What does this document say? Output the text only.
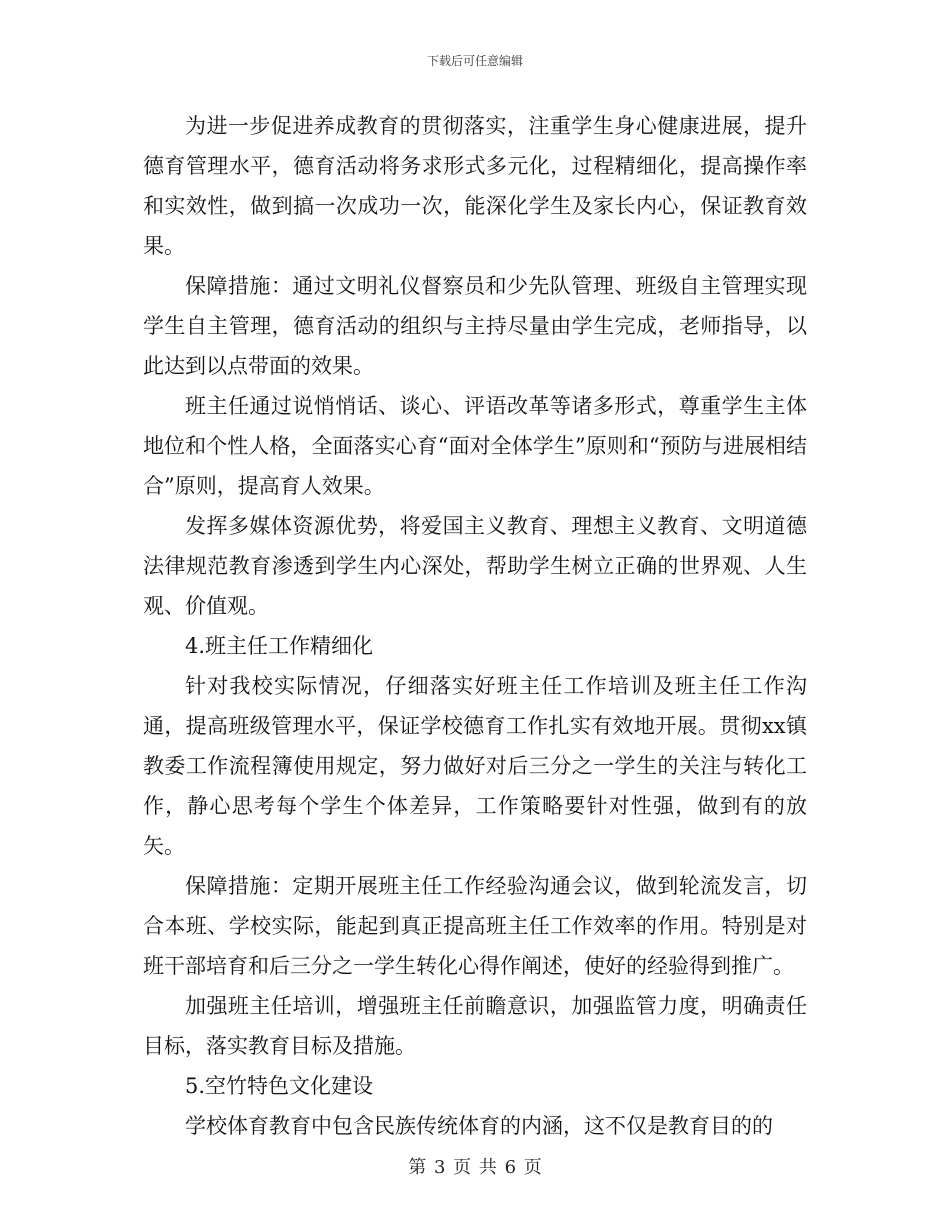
下载后可任意编辑

为进一步促进养成教育的贯彻落实，注重学生身心健康进展，提升德育管理水平，德育活动将务求形式多元化，过程精细化，提高操作率和实效性，做到搞一次成功一次，能深化学生及家长内心，保证教育效果。

保障措施：通过文明礼仪督察员和少先队管理、班级自主管理实现学生自主管理，德育活动的组织与主持尽量由学生完成，老师指导，以此达到以点带面的效果。

班主任通过说悄悄话、谈心、评语改革等诸多形式，尊重学生主体地位和个性人格，全面落实心育“面对全体学生”原则和“预防与进展相结合”原则，提高育人效果。

发挥多媒体资源优势，将爱国主义教育、理想主义教育、文明道德法律规范教育渗透到学生内心深处，帮助学生树立正确的世界观、人生观、价值观。

4.班主任工作精细化

针对我校实际情况，仔细落实好班主任工作培训及班主任工作沟通，提高班级管理水平，保证学校德育工作扎实有效地开展。贯彻xx镇教委工作流程簿使用规定，努力做好对后三分之一学生的关注与转化工作，静心思考每个学生个体差异，工作策略要针对性强，做到有的放矢。

保障措施：定期开展班主任工作经验沟通会议，做到轮流发言，切合本班、学校实际，能起到真正提高班主任工作效率的作用。特别是对班干部培育和后三分之一学生转化心得作阐述，使好的经验得到推广。

加强班主任培训，增强班主任前瞻意识，加强监管力度，明确责任目标，落实教育目标及措施。

5.空竹特色文化建设

学校体育教育中包含民族传统体育的内涵，这不仅是教育目的的

第 3 页 共 6 页
